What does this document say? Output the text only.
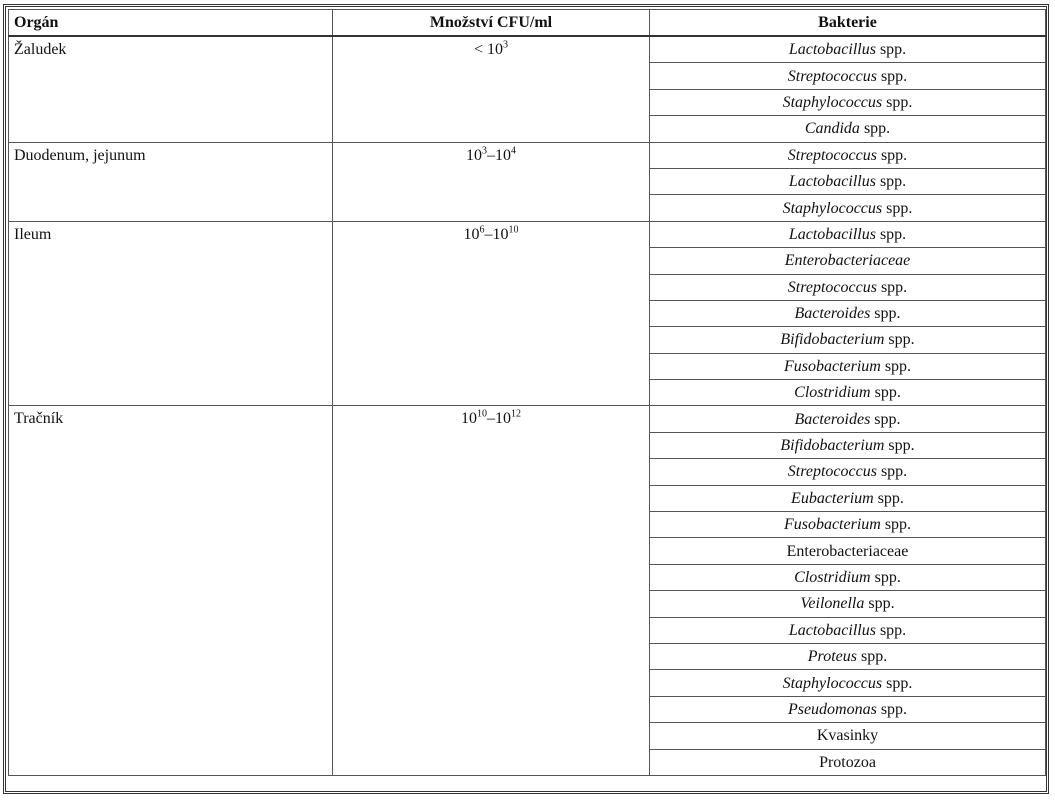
Orgán	Množství CFU/ml	Bakterie
Žaludek	< $10^3$	Lactobacillus spp.
		Streptococcus spp.
		Staphylococcus spp.
		Candida spp.
Duodenum, jejunum	$10^3-10^4$	Streptococcus spp.
		Lactobacillus spp.
		Staphylococcus spp.
Ileum	$10^6-10^{10}$	Lactobacillus spp.
		Enterobacteriaceae
		Streptococcus spp.
		Bacteroides spp.
		Bifidobacterium spp.
		Fusobacterium spp.
		Clostridium spp.
Tračník	$10^{10}-10^{12}$	Bacteroides spp.
		Bifidobacterium spp.
		Streptococcus spp.
		Eubacterium spp.
		Fusobacterium spp.
		Enterobacteriaceae
		Clostridium spp.
		Veilonella spp.
		Lactobacillus spp.
		Proteus spp.
		Staphylococcus spp.
		Pseudomonas spp.
		Kvasinky
		Protozoa
